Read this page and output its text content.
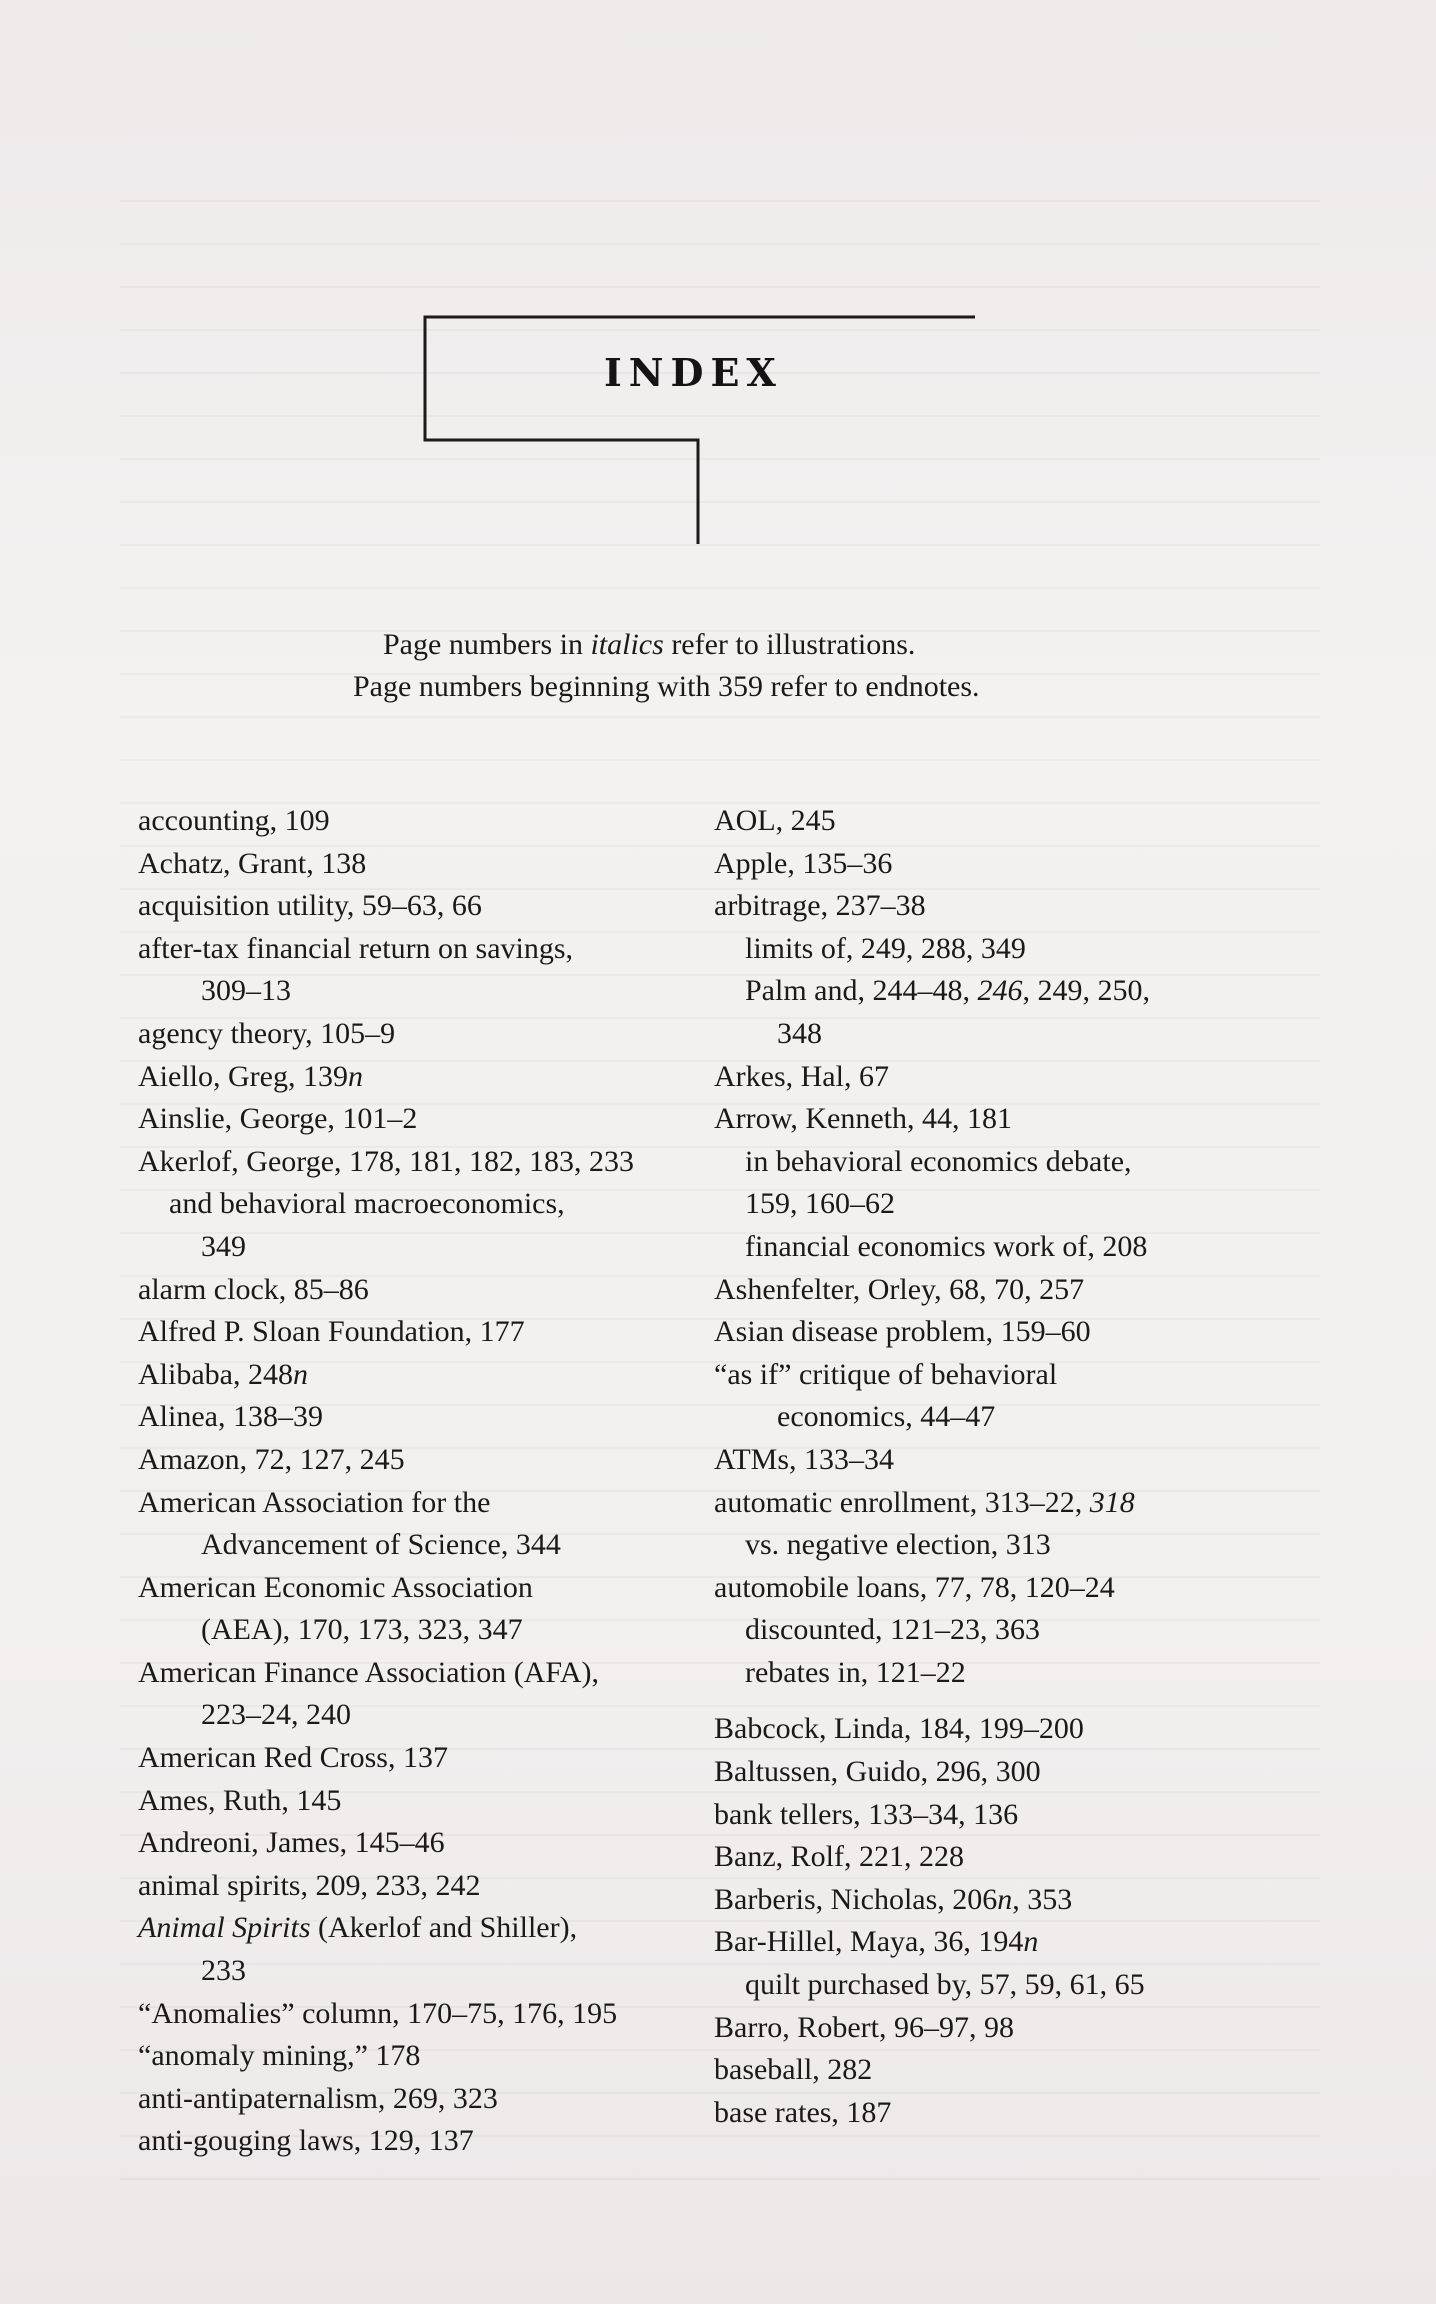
INDEX

Page numbers in italics refer to illustrations.

Page numbers beginning with 359 refer to endnotes.

accounting, 109
Achatz, Grant, 138
acquisition utility, 59–63, 66
after-tax financial return on savings,
309–13
agency theory, 105–9
Aiello, Greg, 139n
Ainslie, George, 101–2
Akerlof, George, 178, 181, 182, 183, 233
and behavioral macroeconomics,
349
alarm clock, 85–86
Alfred P. Sloan Foundation, 177
Alibaba, 248n
Alinea, 138–39
Amazon, 72, 127, 245
American Association for the
Advancement of Science, 344
American Economic Association
(AEA), 170, 173, 323, 347
American Finance Association (AFA),
223–24, 240
American Red Cross, 137
Ames, Ruth, 145
Andreoni, James, 145–46
animal spirits, 209, 233, 242
Animal Spirits (Akerlof and Shiller),
233
“Anomalies” column, 170–75, 176, 195
“anomaly mining,” 178
anti-antipaternalism, 269, 323
anti-gouging laws, 129, 137
AOL, 245
Apple, 135–36
arbitrage, 237–38
limits of, 249, 288, 349
Palm and, 244–48, 246, 249, 250,
348
Arkes, Hal, 67
Arrow, Kenneth, 44, 181
in behavioral economics debate,
159, 160–62
financial economics work of, 208
Ashenfelter, Orley, 68, 70, 257
Asian disease problem, 159–60
“as if” critique of behavioral
economics, 44–47
ATMs, 133–34
automatic enrollment, 313–22, 318
vs. negative election, 313
automobile loans, 77, 78, 120–24
discounted, 121–23, 363
rebates in, 121–22
Babcock, Linda, 184, 199–200
Baltussen, Guido, 296, 300
bank tellers, 133–34, 136
Banz, Rolf, 221, 228
Barberis, Nicholas, 206n, 353
Bar-Hillel, Maya, 36, 194n
quilt purchased by, 57, 59, 61, 65
Barro, Robert, 96–97, 98
baseball, 282
base rates, 187
